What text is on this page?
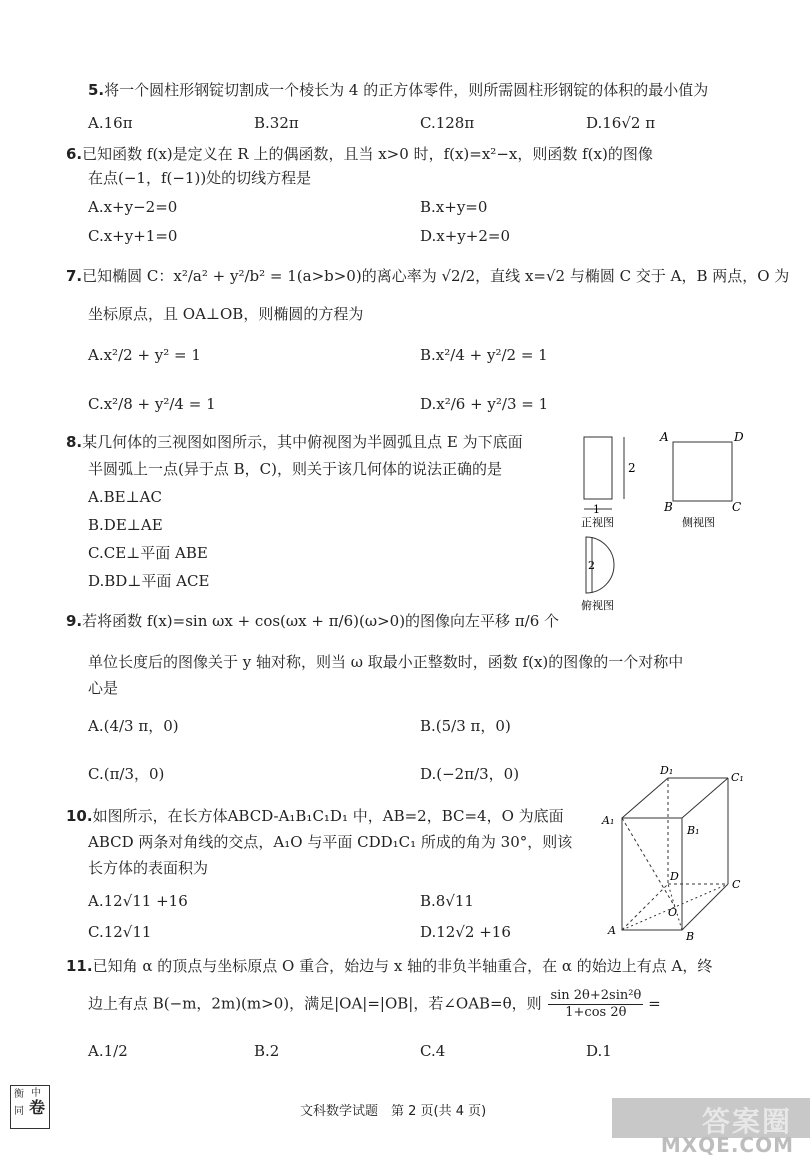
5.将一个圆柱形钢锭切割成一个棱长为 4 的正方体零件，则所需圆柱形钢锭的体积的最小值为
A.16π	B.32π	C.128π	D.16√2 π
6.已知函数 f(x)是定义在 R 上的偶函数，且当 x>0 时，f(x)=x²−x，则函数 f(x)的图像
在点(−1，f(−1))处的切线方程是
A.x+y−2=0	B.x+y=0
C.x+y+1=0	D.x+y+2=0
7.已知椭圆 C：x²/a² + y²/b² = 1(a>b>0)的离心率为 √2/2，直线 x=√2 与椭圆 C 交于 A，B 两点，O 为
坐标原点，且 OA⊥OB，则椭圆的方程为
A.x²/2 + y² = 1	B.x²/4 + y²/2 = 1
C.x²/8 + y²/4 = 1	D.x²/6 + y²/3 = 1
8.某几何体的三视图如图所示，其中俯视图为半圆弧且点 E 为下底面
半圆弧上一点(异于点 B，C)，则关于该几何体的说法正确的是
A.BE⊥AC
B.DE⊥AE
C.CE⊥平面 ABE
D.BD⊥平面 ACE
2
1
正视图
A	D
B	C
侧视图
2
俯视图
9.若将函数 f(x)=sin ωx + cos(ωx + π/6)(ω>0)的图像向左平移 π/6 个
单位长度后的图像关于 y 轴对称，则当 ω 取最小正整数时，函数 f(x)的图像的一个对称中
心是
A.(4/3 π，0)	B.(5/3 π，0)
C.(π/3，0)	D.(−2π/3，0)
10.如图所示，在长方体ABCD-A₁B₁C₁D₁ 中，AB=2，BC=4，O 为底面
ABCD 两条对角线的交点，A₁O 与平面 CDD₁C₁ 所成的角为 30°，则该
长方体的表面积为
A.12√11 +16	B.8√11
C.12√11	D.12√2 +16
D₁
C₁
A₁
B₁
D
C
O
A	B
11.已知角 α 的顶点与坐标原点 O 重合，始边与 x 轴的非负半轴重合，在 α 的始边上有点 A，终
边上有点 B(−m，2m)(m>0)，满足|OA|=|OB|，若∠OAB=θ，则 $\frac{\text{sin 2θ+2sin²θ}}{1+\cos 2\theta}$ =
A.1/2	B.2	C.4	D.1
衡 中
同 卷	文科数学试题　第 2 页(共 4 页)	答案圈
MXQE.COM
